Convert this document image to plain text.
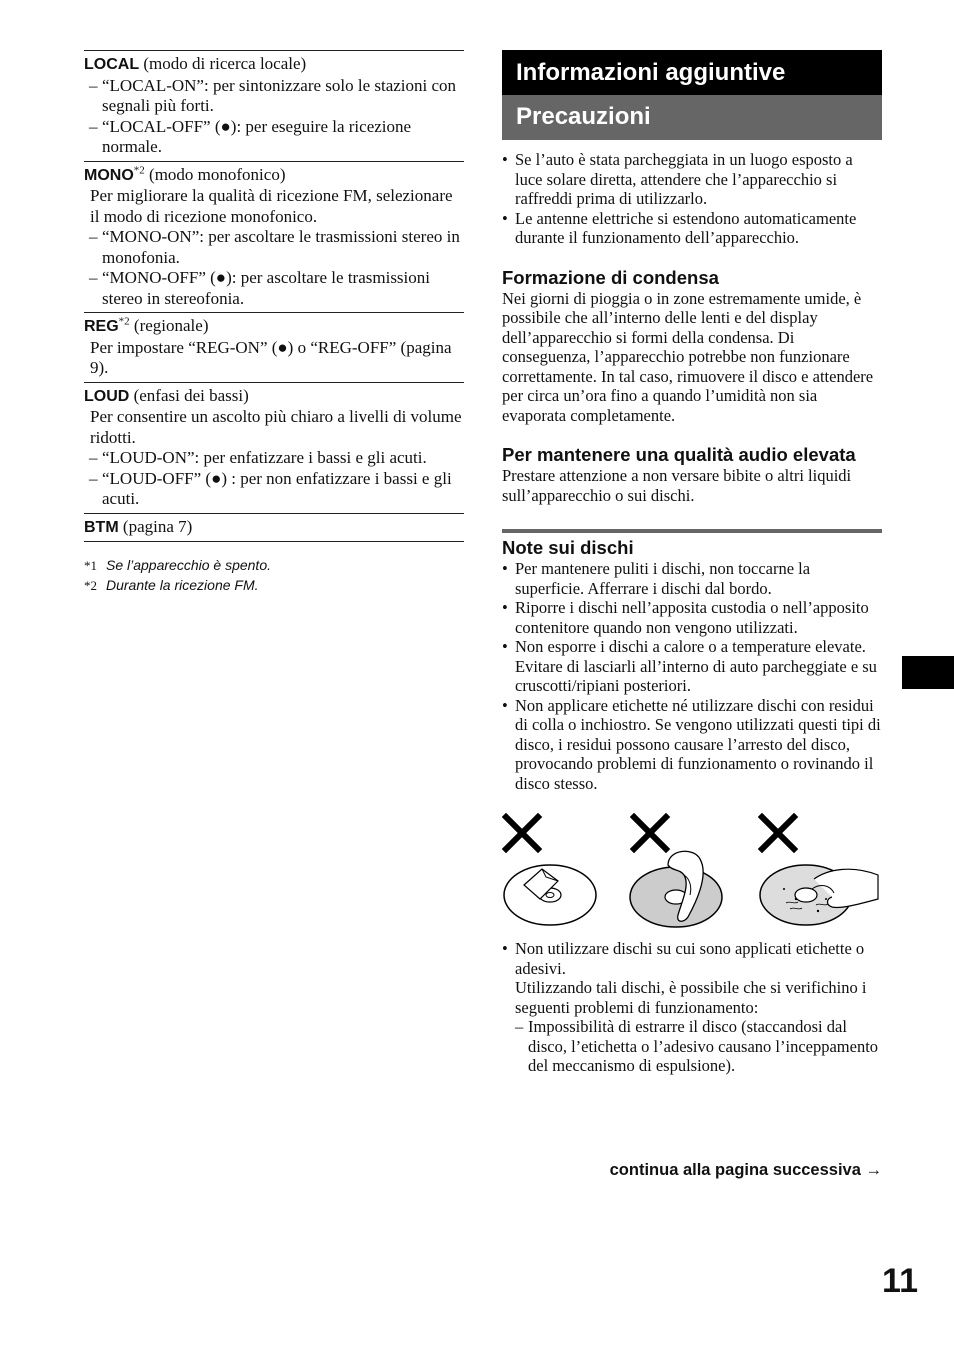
LOCAL (modo di ricerca locale)
– “LOCAL-ON”: per sintonizzare solo le stazioni con segnali più forti.
– “LOCAL-OFF” (●): per eseguire la ricezione normale.
MONO$^{*2}$ (modo monofonico)
Per migliorare la qualità di ricezione FM, selezionare il modo di ricezione monofonico.
– “MONO-ON”: per ascoltare le trasmissioni stereo in monofonia.
– “MONO-OFF” (●): per ascoltare le trasmissioni stereo in stereofonia.
REG$^{*2}$ (regionale)
Per impostare “REG-ON” (●) o “REG-OFF” (pagina 9).
LOUD (enfasi dei bassi)
Per consentire un ascolto più chiaro a livelli di volume ridotti.
– “LOUD-ON”: per enfatizzare i bassi e gli acuti.
– “LOUD-OFF” (●) : per non enfatizzare i bassi e gli acuti.
BTM (pagina 7)
*1 Se l’apparecchio è spento.
*2 Durante la ricezione FM.
Informazioni aggiuntive
Precauzioni
• Se l’auto è stata parcheggiata in un luogo esposto a luce solare diretta, attendere che l’apparecchio si raffreddi prima di utilizzarlo.
• Le antenne elettriche si estendono automaticamente durante il funzionamento dell’apparecchio.
Formazione di condensa
Nei giorni di pioggia o in zone estremamente umide, è possibile che all’interno delle lenti e del display dell’apparecchio si formi della condensa. Di conseguenza, l’apparecchio potrebbe non funzionare correttamente. In tal caso, rimuovere il disco e attendere per circa un’ora fino a quando l’umidità non sia evaporata completamente.
Per mantenere una qualità audio elevata
Prestare attenzione a non versare bibite o altri liquidi sull’apparecchio o sui dischi.
Note sui dischi
• Per mantenere puliti i dischi, non toccarne la superficie. Afferrare i dischi dal bordo.
• Riporre i dischi nell’apposita custodia o nell’apposito contenitore quando non vengono utilizzati.
• Non esporre i dischi a calore o a temperature elevate. Evitare di lasciarli all’interno di auto parcheggiate e su cruscotti/ripiani posteriori.
• Non applicare etichette né utilizzare dischi con residui di colla o inchiostro. Se vengono utilizzati questi tipi di disco, i residui possono causare l’arresto del disco, provocando problemi di funzionamento o rovinando il disco stesso.
• Non utilizzare dischi su cui sono applicati etichette o adesivi.
Utilizzando tali dischi, è possibile che si verifichino i seguenti problemi di funzionamento:
– Impossibilità di estrarre il disco (staccandosi dal disco, l’etichetta o l’adesivo causano l’inceppamento del meccanismo di espulsione).
continua alla pagina successiva →
11
